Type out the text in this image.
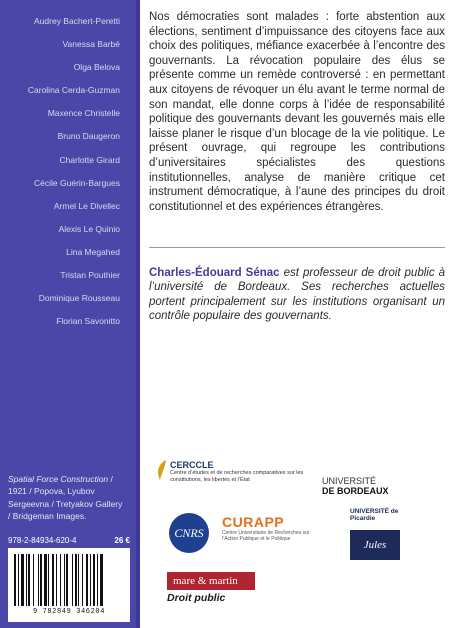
Audrey Bachert-Peretti
Vanessa Barbé
Olga Belova
Carolina Cerda-Guzman
Maxence Christelle
Bruno Daugeron
Charlotte Girard
Cécile Guérin-Bargues
Armel Le Divellec
Alexis Le Quinio
Lina Megahed
Tristan Pouthier
Dominique Rousseau
Florian Savonitto
Spatial Force Construction / 1921 / Popova, Lyubov Sergeevna / Tretyakov Gallery / Bridgeman Images.
978-2-84934-620-4	26 €
9 782849 346204

Nos démocraties sont malades : forte abstention aux élections, sentiment d’impuissance des citoyens face aux choix des politiques, méfiance exacerbée à l’encontre des gouvernants. La révocation populaire des élus se présente comme un remède controversé : en permettant aux citoyens de révoquer un élu avant le terme normal de son mandat, elle donne corps à l’idée de responsabilité politique des gouvernants devant les gouvernés mais elle laisse planer le risque d’un blocage de la vie politique. Le présent ouvrage, qui regroupe les contributions d’universitaires spécialistes des questions institutionnelles, analyse de manière critique cet instrument démocratique, à l’aune des principes du droit constitutionnel et des expériences étrangères.

Charles-Édouard Sénac est professeur de droit public à l’université de Bordeaux. Ses recherches actuelles portent principalement sur les institutions organisant un contrôle populaire des gouvernants.

CERCCLE
Centre d’études et de recherches comparatives sur les constitutions, les libertés et l’État	UNIVERSITÉ
DE BORDEAUX
CNRS
CURAPP
Centre Universitaire de Recherches sur l’Action Publique et le Politique
UNIVERSITÉ de Picardie
Jules Verne
mare & martin
Droit public
